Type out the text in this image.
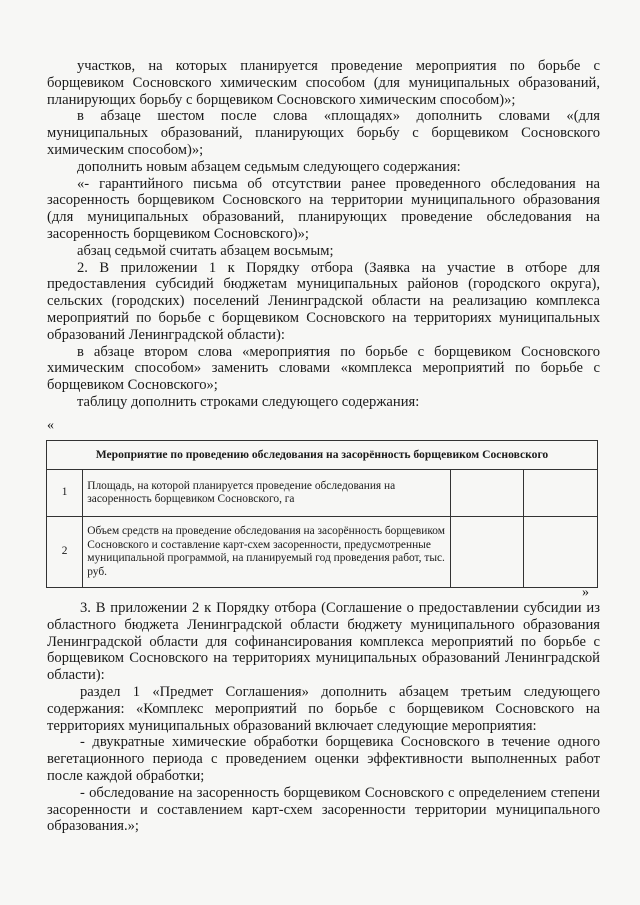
участков, на которых планируется проведение мероприятия по борьбе с борщевиком Сосновского химическим способом (для муниципальных образований, планирующих борьбу с борщевиком Сосновского химическим способом)»;

в абзаце шестом после слова «площадях» дополнить словами «(для муниципальных образований, планирующих борьбу с борщевиком Сосновского химическим способом)»;

дополнить новым абзацем седьмым следующего содержания:

«- гарантийного письма об отсутствии ранее проведенного обследования на засоренность борщевиком Сосновского на территории муниципального образования (для муниципальных образований, планирующих проведение обследования на засоренность борщевиком Сосновского)»;

абзац седьмой считать абзацем восьмым;

2. В приложении 1 к Порядку отбора (Заявка на участие в отборе для предоставления субсидий бюджетам муниципальных районов (городского округа), сельских (городских) поселений Ленинградской области на реализацию комплекса мероприятий по борьбе с борщевиком Сосновского на территориях муниципальных образований Ленинградской области):

в абзаце втором слова «мероприятия по борьбе с борщевиком Сосновского химическим способом» заменить словами «комплекса мероприятий по борьбе с борщевиком Сосновского»;

таблицу дополнить строками следующего содержания:

«
Мероприятие по проведению обследования на засорённость борщевиком Сосновского			
1	Площадь, на которой планируется проведение обследования на засоренность борщевиком Сосновского, га		
2	Объем средств на проведение обследования на засорённость борщевиком Сосновского и составление карт-схем засоренности, предусмотренные муниципальной программой, на планируемый год проведения работ, тыс. руб.		
»

3. В приложении 2 к Порядку отбора (Соглашение о предоставлении субсидии из областного бюджета Ленинградской области бюджету муниципального образования Ленинградской области для софинансирования комплекса мероприятий по борьбе с борщевиком Сосновского на территориях муниципальных образований Ленинградской области):

раздел 1 «Предмет Соглашения» дополнить абзацем третьим следующего содержания: «Комплекс мероприятий по борьбе с борщевиком Сосновского на территориях муниципальных образований включает следующие мероприятия:

- двукратные химические обработки борщевика Сосновского в течение одного вегетационного периода с проведением оценки эффективности выполненных работ после каждой обработки;

- обследование на засоренность борщевиком Сосновского с определением степени засоренности и составлением карт-схем засоренности территории муниципального образования.»;
